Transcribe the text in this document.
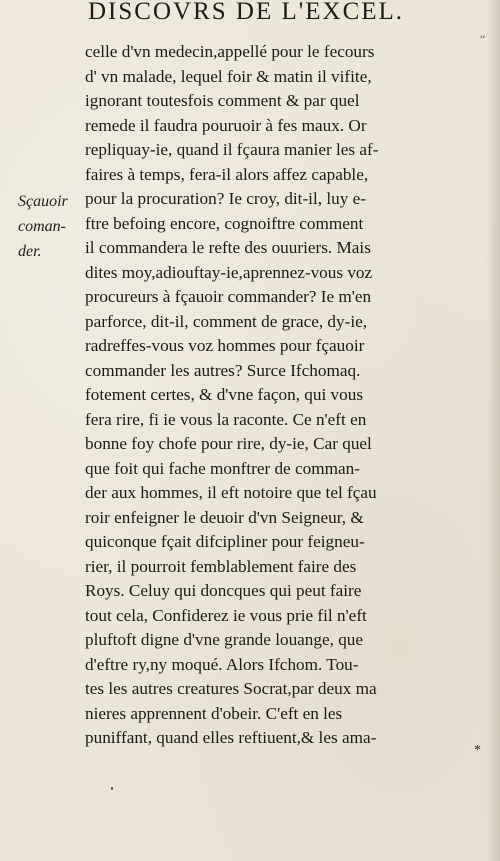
DISCOVRS DE L'EXCEL.
“
Sçauoir
coman-
der.
celle d'vn medecin,appellé pour le fecours
d' vn malade, lequel foir & matin il vifite,
ignorant toutesfois comment & par quel
remede il faudra pouruoir à fes maux. Or
repliquay-ie, quand il fçaura manier les af-
faires à temps, fera-il alors affez capable,
pour la procuration? Ie croy, dit-il, luy e-
ftre befoing encore, cognoiftre comment
il commandera le refte des ouuriers. Mais
dites moy,adiouftay-ie,aprennez-vous voz
procureurs à fçauoir commander? Ie m'en
parforce, dit-il, comment de grace, dy-ie,
radreffes-vous voz hommes pour fçauoir
commander les autres? Surce Ifchomaq.
fotement certes, & d'vne façon, qui vous
fera rire, fi ie vous la raconte. Ce n'eft en
bonne foy chofe pour rire, dy-ie, Car quel
que foit qui fache monftrer de comman-
der aux hommes, il eft notoire que tel fçau
roir enfeigner le deuoir d'vn Seigneur, &
quiconque fçait difcipliner pour feigneu-
rier, il pourroit femblablement faire des
Roys. Celuy qui doncques qui peut faire
tout cela, Confiderez ie vous prie fil n'eft
pluftoft digne d'vne grande louange, que
d'eftre ry,ny moqué. Alors Ifchom. Tou-
tes les autres creatures Socrat,par deux ma
nieres apprennent d'obeir. C'eft en les
puniffant, quand elles reftiuent,& les ama-
*
